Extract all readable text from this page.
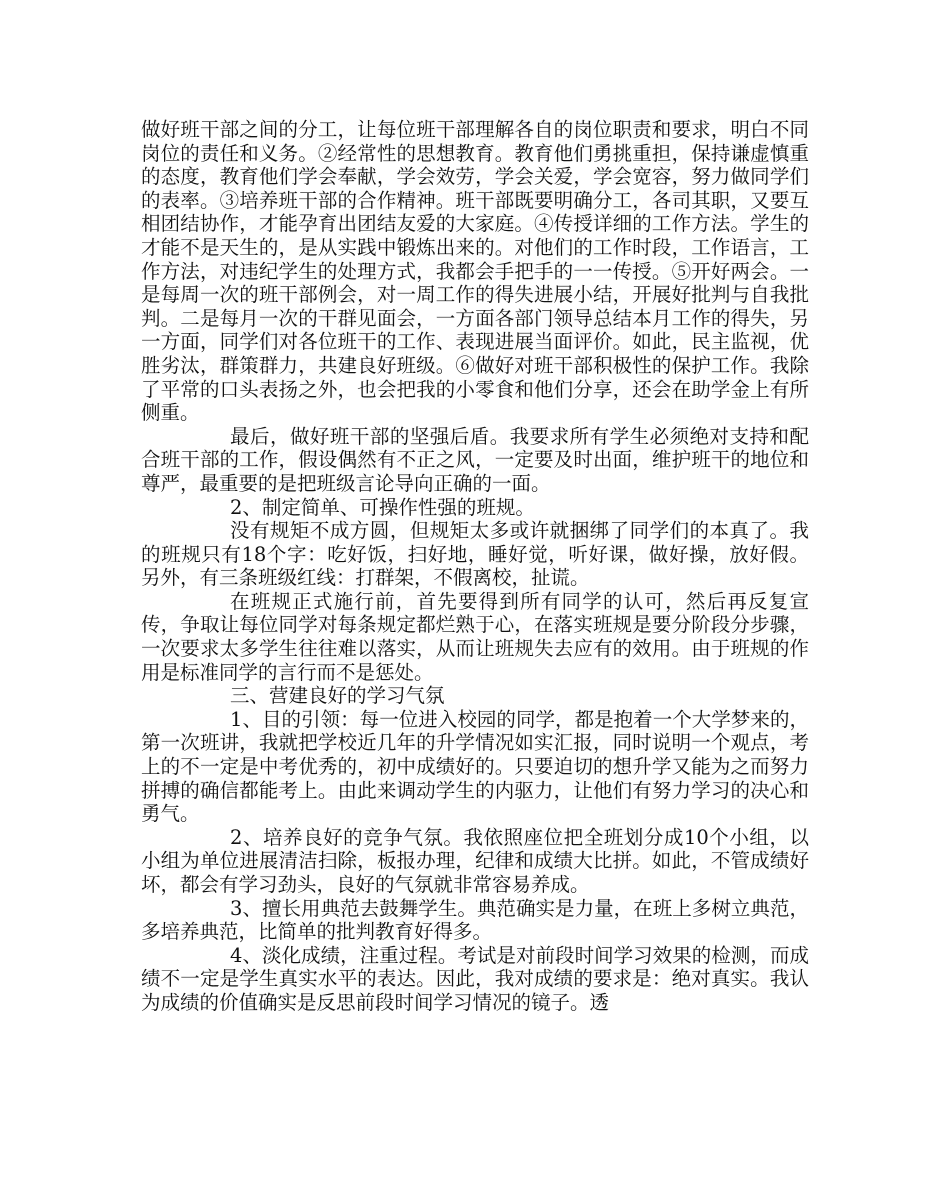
做好班干部之间的分工，让每位班干部理解各自的岗位职责和要求，明白不同岗位的责任和义务。②经常性的思想教育。教育他们勇挑重担，保持谦虚慎重的态度，教育他们学会奉献，学会效劳，学会关爱，学会宽容，努力做同学们的表率。③培养班干部的合作精神。班干部既要明确分工，各司其职，又要互相团结协作，才能孕育出团结友爱的大家庭。④传授详细的工作方法。学生的才能不是天生的，是从实践中锻炼出来的。对他们的工作时段，工作语言，工作方法，对违纪学生的处理方式，我都会手把手的一一传授。⑤开好两会。一是每周一次的班干部例会，对一周工作的得失进展小结，开展好批判与自我批判。二是每月一次的干群见面会，一方面各部门领导总结本月工作的得失，另一方面，同学们对各位班干的工作、表现进展当面评价。如此，民主监视，优胜劣汰，群策群力，共建良好班级。⑥做好对班干部积极性的保护工作。我除了平常的口头表扬之外，也会把我的小零食和他们分享，还会在助学金上有所侧重。

最后，做好班干部的坚强后盾。我要求所有学生必须绝对支持和配合班干部的工作，假设偶然有不正之风，一定要及时出面，维护班干的地位和尊严，最重要的是把班级言论导向正确的一面。

2、制定简单、可操作性强的班规。

没有规矩不成方圆，但规矩太多或许就捆绑了同学们的本真了。我的班规只有18个字：吃好饭，扫好地，睡好觉，听好课，做好操，放好假。另外，有三条班级红线：打群架，不假离校，扯谎。

在班规正式施行前，首先要得到所有同学的认可，然后再反复宣传，争取让每位同学对每条规定都烂熟于心，在落实班规是要分阶段分步骤，一次要求太多学生往往难以落实，从而让班规失去应有的效用。由于班规的作用是标准同学的言行而不是惩处。

三、营建良好的学习气氛

1、目的引领：每一位进入校园的同学，都是抱着一个大学梦来的，第一次班讲，我就把学校近几年的升学情况如实汇报，同时说明一个观点，考上的不一定是中考优秀的，初中成绩好的。只要迫切的想升学又能为之而努力拼搏的确信都能考上。由此来调动学生的内驱力，让他们有努力学习的决心和勇气。

2、培养良好的竞争气氛。我依照座位把全班划分成10个小组，以小组为单位进展清洁扫除，板报办理，纪律和成绩大比拼。如此，不管成绩好坏，都会有学习劲头，良好的气氛就非常容易养成。

3、擅长用典范去鼓舞学生。典范确实是力量，在班上多树立典范，多培养典范，比简单的批判教育好得多。

4、淡化成绩，注重过程。考试是对前段时间学习效果的检测，而成绩不一定是学生真实水平的表达。因此，我对成绩的要求是：绝对真实。我认为成绩的价值确实是反思前段时间学习情况的镜子。透
